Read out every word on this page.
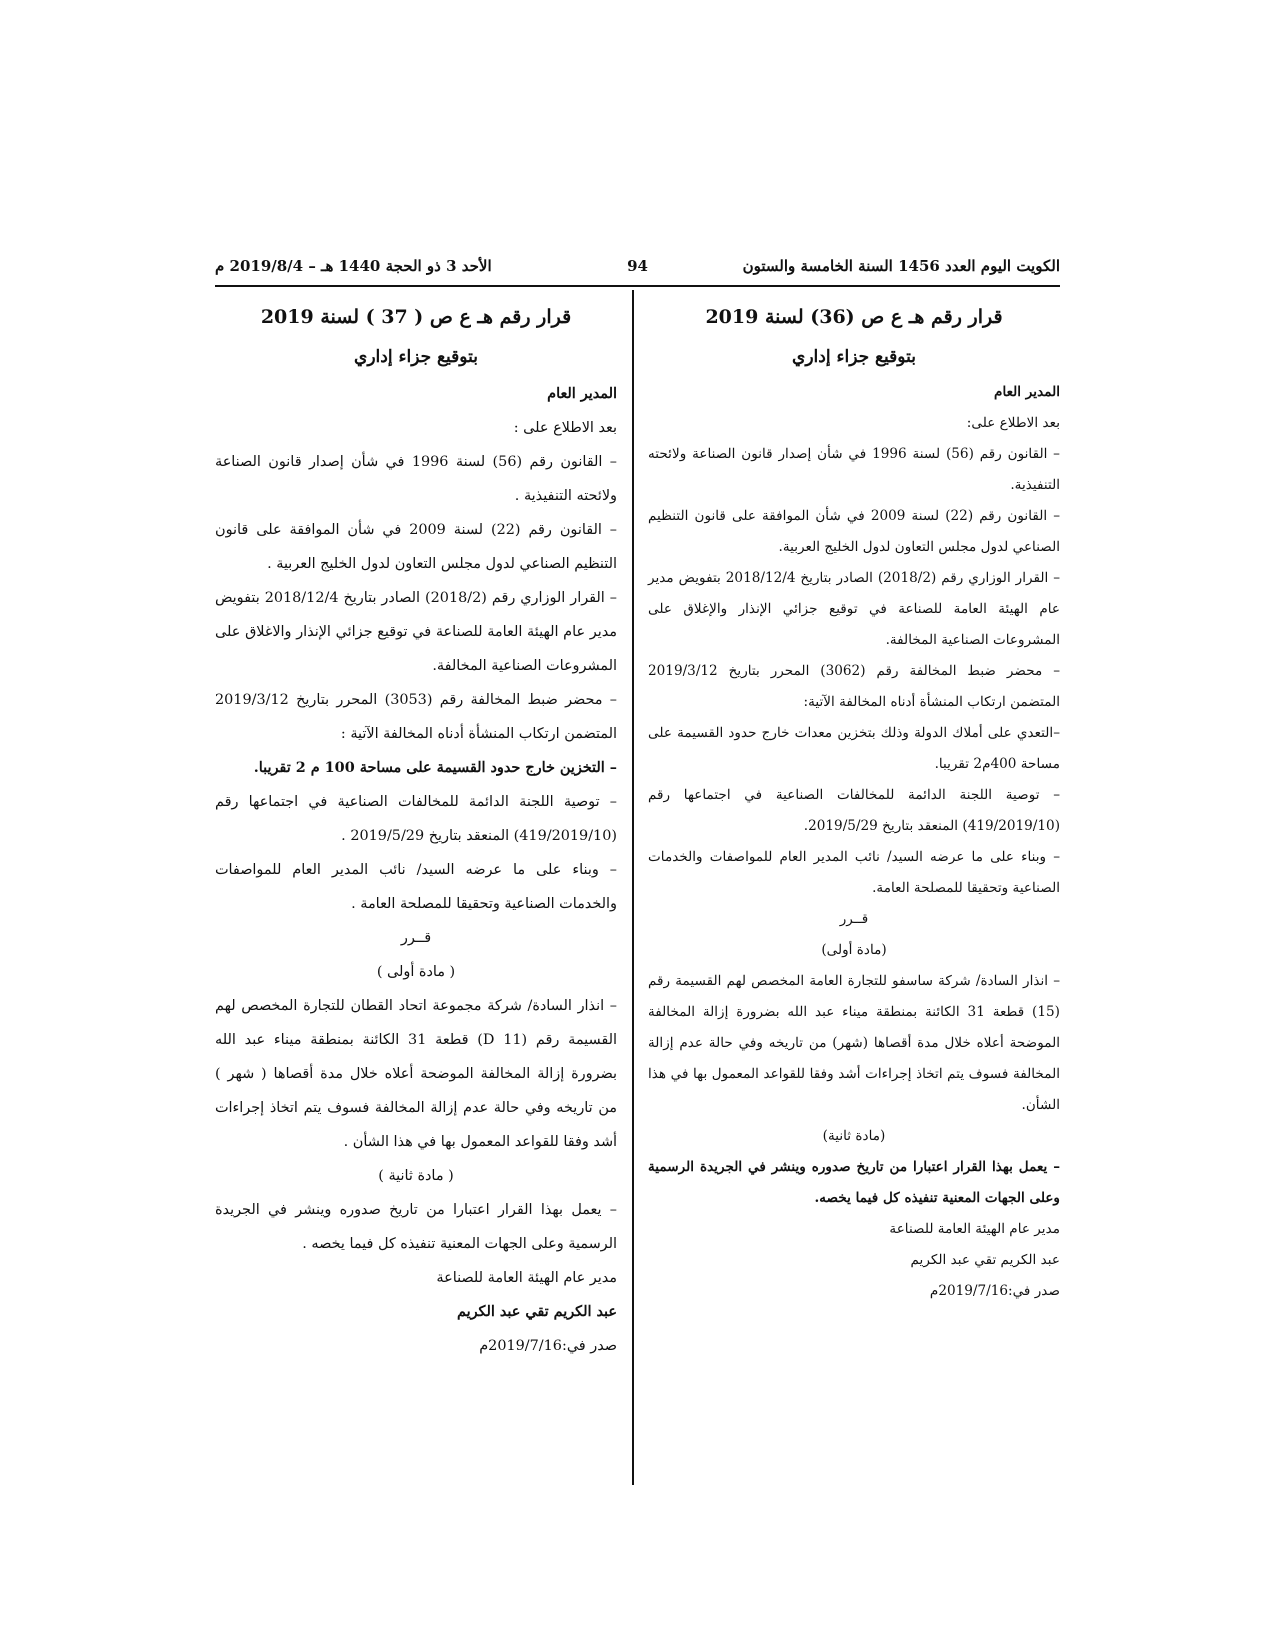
الكويت اليوم العدد 1456 السنة الخامسة والستون
94
الأحد 3 ذو الحجة 1440 هـ – 2019/8/4 م

قرار رقم هـ ع ص (36) لسنة 2019

بتوقيع جزاء إداري

المدير العام

بعد الاطلاع على:

– القانون رقم (56) لسنة 1996 في شأن إصدار قانون الصناعة ولائحته التنفيذية.

– القانون رقم (22) لسنة 2009 في شأن الموافقة على قانون التنظيم الصناعي لدول مجلس التعاون لدول الخليج العربية.

– القرار الوزاري رقم (2018/2) الصادر بتاريخ 2018/12/4 بتفويض مدير عام الهيئة العامة للصناعة في توقيع جزائي الإنذار والإغلاق على المشروعات الصناعية المخالفة.

– محضر ضبط المخالفة رقم (3062) المحرر بتاريخ 2019/3/12 المتضمن ارتكاب المنشأة أدناه المخالفة الآتية:

–التعدي على أملاك الدولة وذلك بتخزين معدات خارج حدود القسيمة على مساحة 400م2 تقريبا.

– توصية اللجنة الدائمة للمخالفات الصناعية في اجتماعها رقم (419/2019/10) المنعقد بتاريخ 2019/5/29.

– وبناء على ما عرضه السيد/ نائب المدير العام للمواصفات والخدمات الصناعية وتحقيقا للمصلحة العامة.

قــرر

(مادة أولى)

– انذار السادة/ شركة ساسفو للتجارة العامة المخصص لهم القسيمة رقم (15) قطعة 31 الكائنة بمنطقة ميناء عبد الله بضرورة إزالة المخالفة الموضحة أعلاه خلال مدة أقصاها (شهر) من تاريخه وفي حالة عدم إزالة المخالفة فسوف يتم اتخاذ إجراءات أشد وفقا للقواعد المعمول بها في هذا الشأن.

(مادة ثانية)

– يعمل بهذا القرار اعتبارا من تاريخ صدوره وينشر في الجريدة الرسمية وعلى الجهات المعنية تنفيذه كل فيما يخصه.

مدير عام الهيئة العامة للصناعة

عبد الكريم تقي عبد الكريم

صدر في:2019/7/16م

قرار رقم هـ ع ص ( 37 ) لسنة 2019

بتوقيع جزاء إداري

المدير العام

بعد الاطلاع على :

– القانون رقم (56) لسنة 1996 في شأن إصدار قانون الصناعة ولائحته التنفيذية .

– القانون رقم (22) لسنة 2009 في شأن الموافقة على قانون التنظيم الصناعي لدول مجلس التعاون لدول الخليج العربية .

– القرار الوزاري رقم (2018/2) الصادر بتاريخ 2018/12/4 بتفويض مدير عام الهيئة العامة للصناعة في توقيع جزائي الإنذار والاغلاق على المشروعات الصناعية المخالفة.

– محضر ضبط المخالفة رقم (3053) المحرر بتاريخ 2019/3/12 المتضمن ارتكاب المنشأة أدناه المخالفة الآتية :

– التخزين خارج حدود القسيمة على مساحة 100 م 2 تقريبا.

– توصية اللجنة الدائمة للمخالفات الصناعية في اجتماعها رقم (419/2019/10) المنعقد بتاريخ 2019/5/29 .

– وبناء على ما عرضه السيد/ نائب المدير العام للمواصفات والخدمات الصناعية وتحقيقا للمصلحة العامة .

قــرر

( مادة أولى )

– انذار السادة/ شركة مجموعة اتحاد القطان للتجارة المخصص لهم القسيمة رقم (D 11) قطعة 31 الكائنة بمنطقة ميناء عبد الله بضرورة إزالة المخالفة الموضحة أعلاه خلال مدة أقصاها ( شهر ) من تاريخه وفي حالة عدم إزالة المخالفة فسوف يتم اتخاذ إجراءات أشد وفقا للقواعد المعمول بها في هذا الشأن .

( مادة ثانية )

– يعمل بهذا القرار اعتبارا من تاريخ صدوره وينشر في الجريدة الرسمية وعلى الجهات المعنية تنفيذه كل فيما يخصه .

مدير عام الهيئة العامة للصناعة

عبد الكريم تقي عبد الكريم

صدر في:2019/7/16م
